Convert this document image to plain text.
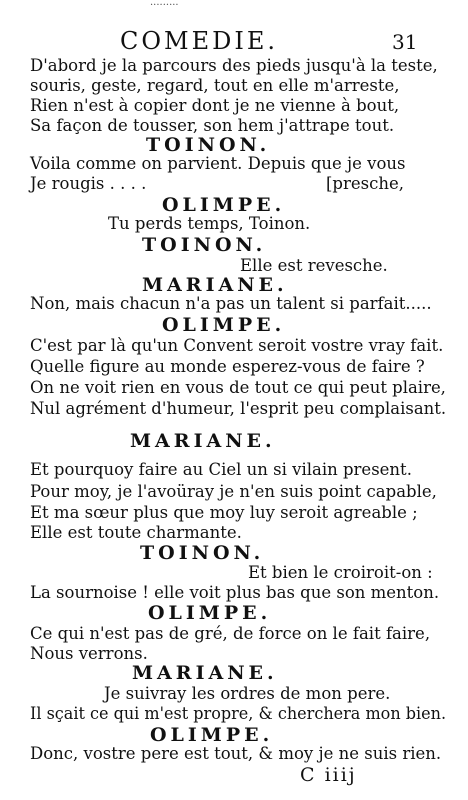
·········
COMEDIE.	31
D'abord je la parcours des pieds jusqu'à la teste,
souris, geste, regard, tout en elle m'arreste,
Rien n'est à copier dont je ne vienne à bout,
Sa façon de tousser, son hem j'attrape tout.
TOINON.
Voila comme on parvient. Depuis que je vous
Je rougis . . . .	[presche,
OLIMPE.
Tu perds temps, Toinon.
TOINON.
Elle est revesche.
MARIANE.
Non, mais chacun n'a pas un talent si parfait.....
OLIMPE.
C'est par là qu'un Convent seroit vostre vray fait.
Quelle figure au monde esperez-vous de faire ?
On ne voit rien en vous de tout ce qui peut plaire,
Nul agrément d'humeur, l'esprit peu complaisant.
MARIANE.
Et pourquoy faire au Ciel un si vilain present.
Pour moy, je l'avoüray je n'en suis point capable,
Et ma sœur plus que moy luy seroit agreable ;
Elle est toute charmante.
TOINON.
Et bien le croiroit-on :
La sournoise ! elle voit plus bas que son menton.
OLIMPE.
Ce qui n'est pas de gré, de force on le fait faire,
Nous verrons.
MARIANE.
Je suivray les ordres de mon pere.
Il sçait ce qui m'est propre, & cherchera mon bien.
OLIMPE.
Donc, vostre pere est tout, & moy je ne suis rien.
C iiij
